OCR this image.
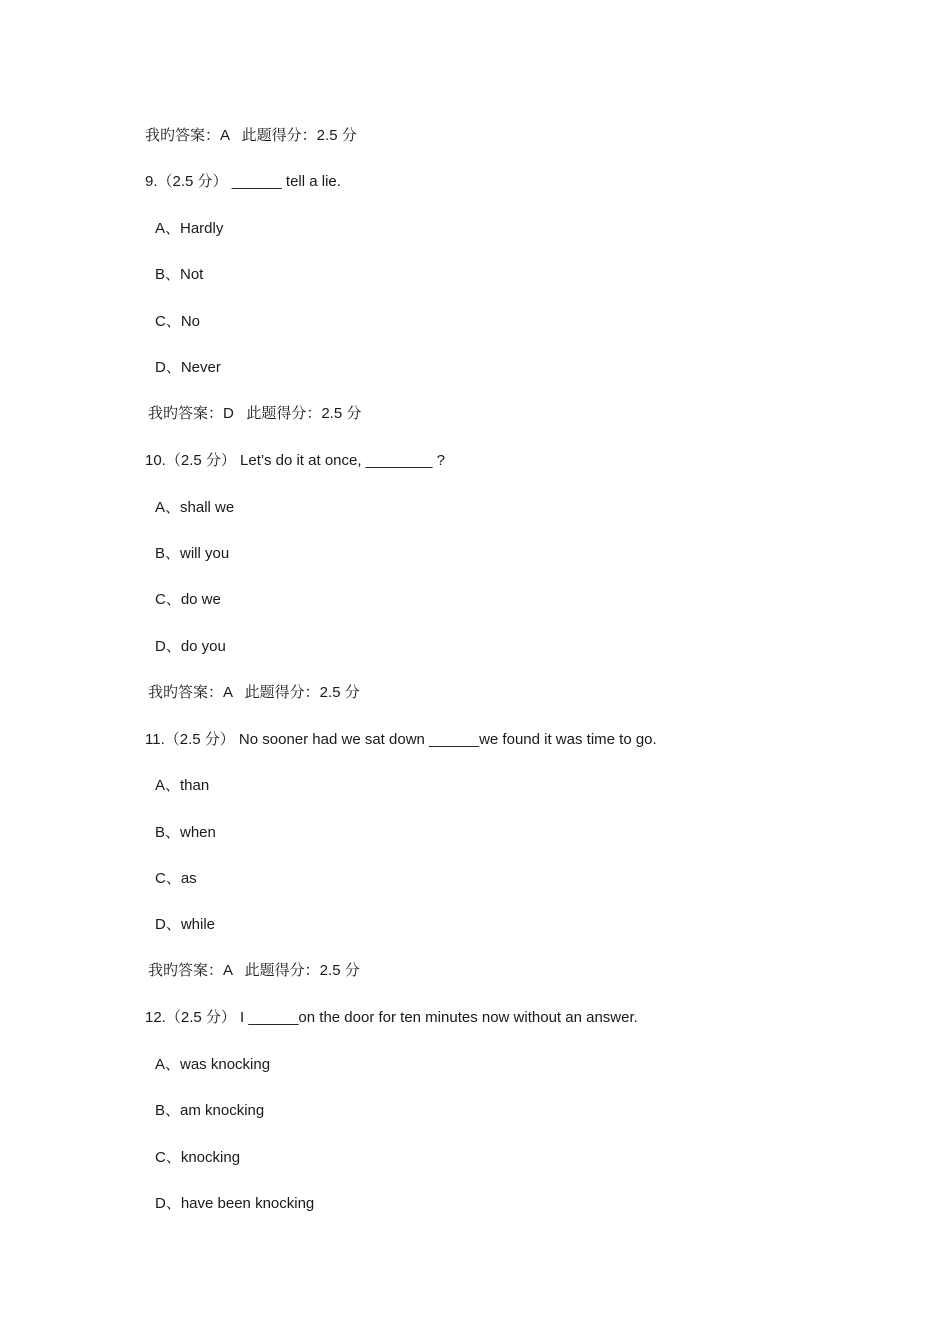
我旳答案：A   此题得分：2.5 分
9.（2.5 分） ______ tell a lie.
A、Hardly
B、Not
C、No
D、Never
我旳答案：D   此题得分：2.5 分
10.（2.5 分） Let’s do it at once, ________ ?
A、shall we
B、will you
C、do we
D、do you
我旳答案：A   此题得分：2.5 分
11.（2.5 分） No sooner had we sat down ______we found it was time to go.
A、than
B、when
C、as
D、while
我旳答案：A   此题得分：2.5 分
12.（2.5 分） I ______on the door for ten minutes now without an answer.
A、was knocking
B、am knocking
C、knocking
D、have been knocking
